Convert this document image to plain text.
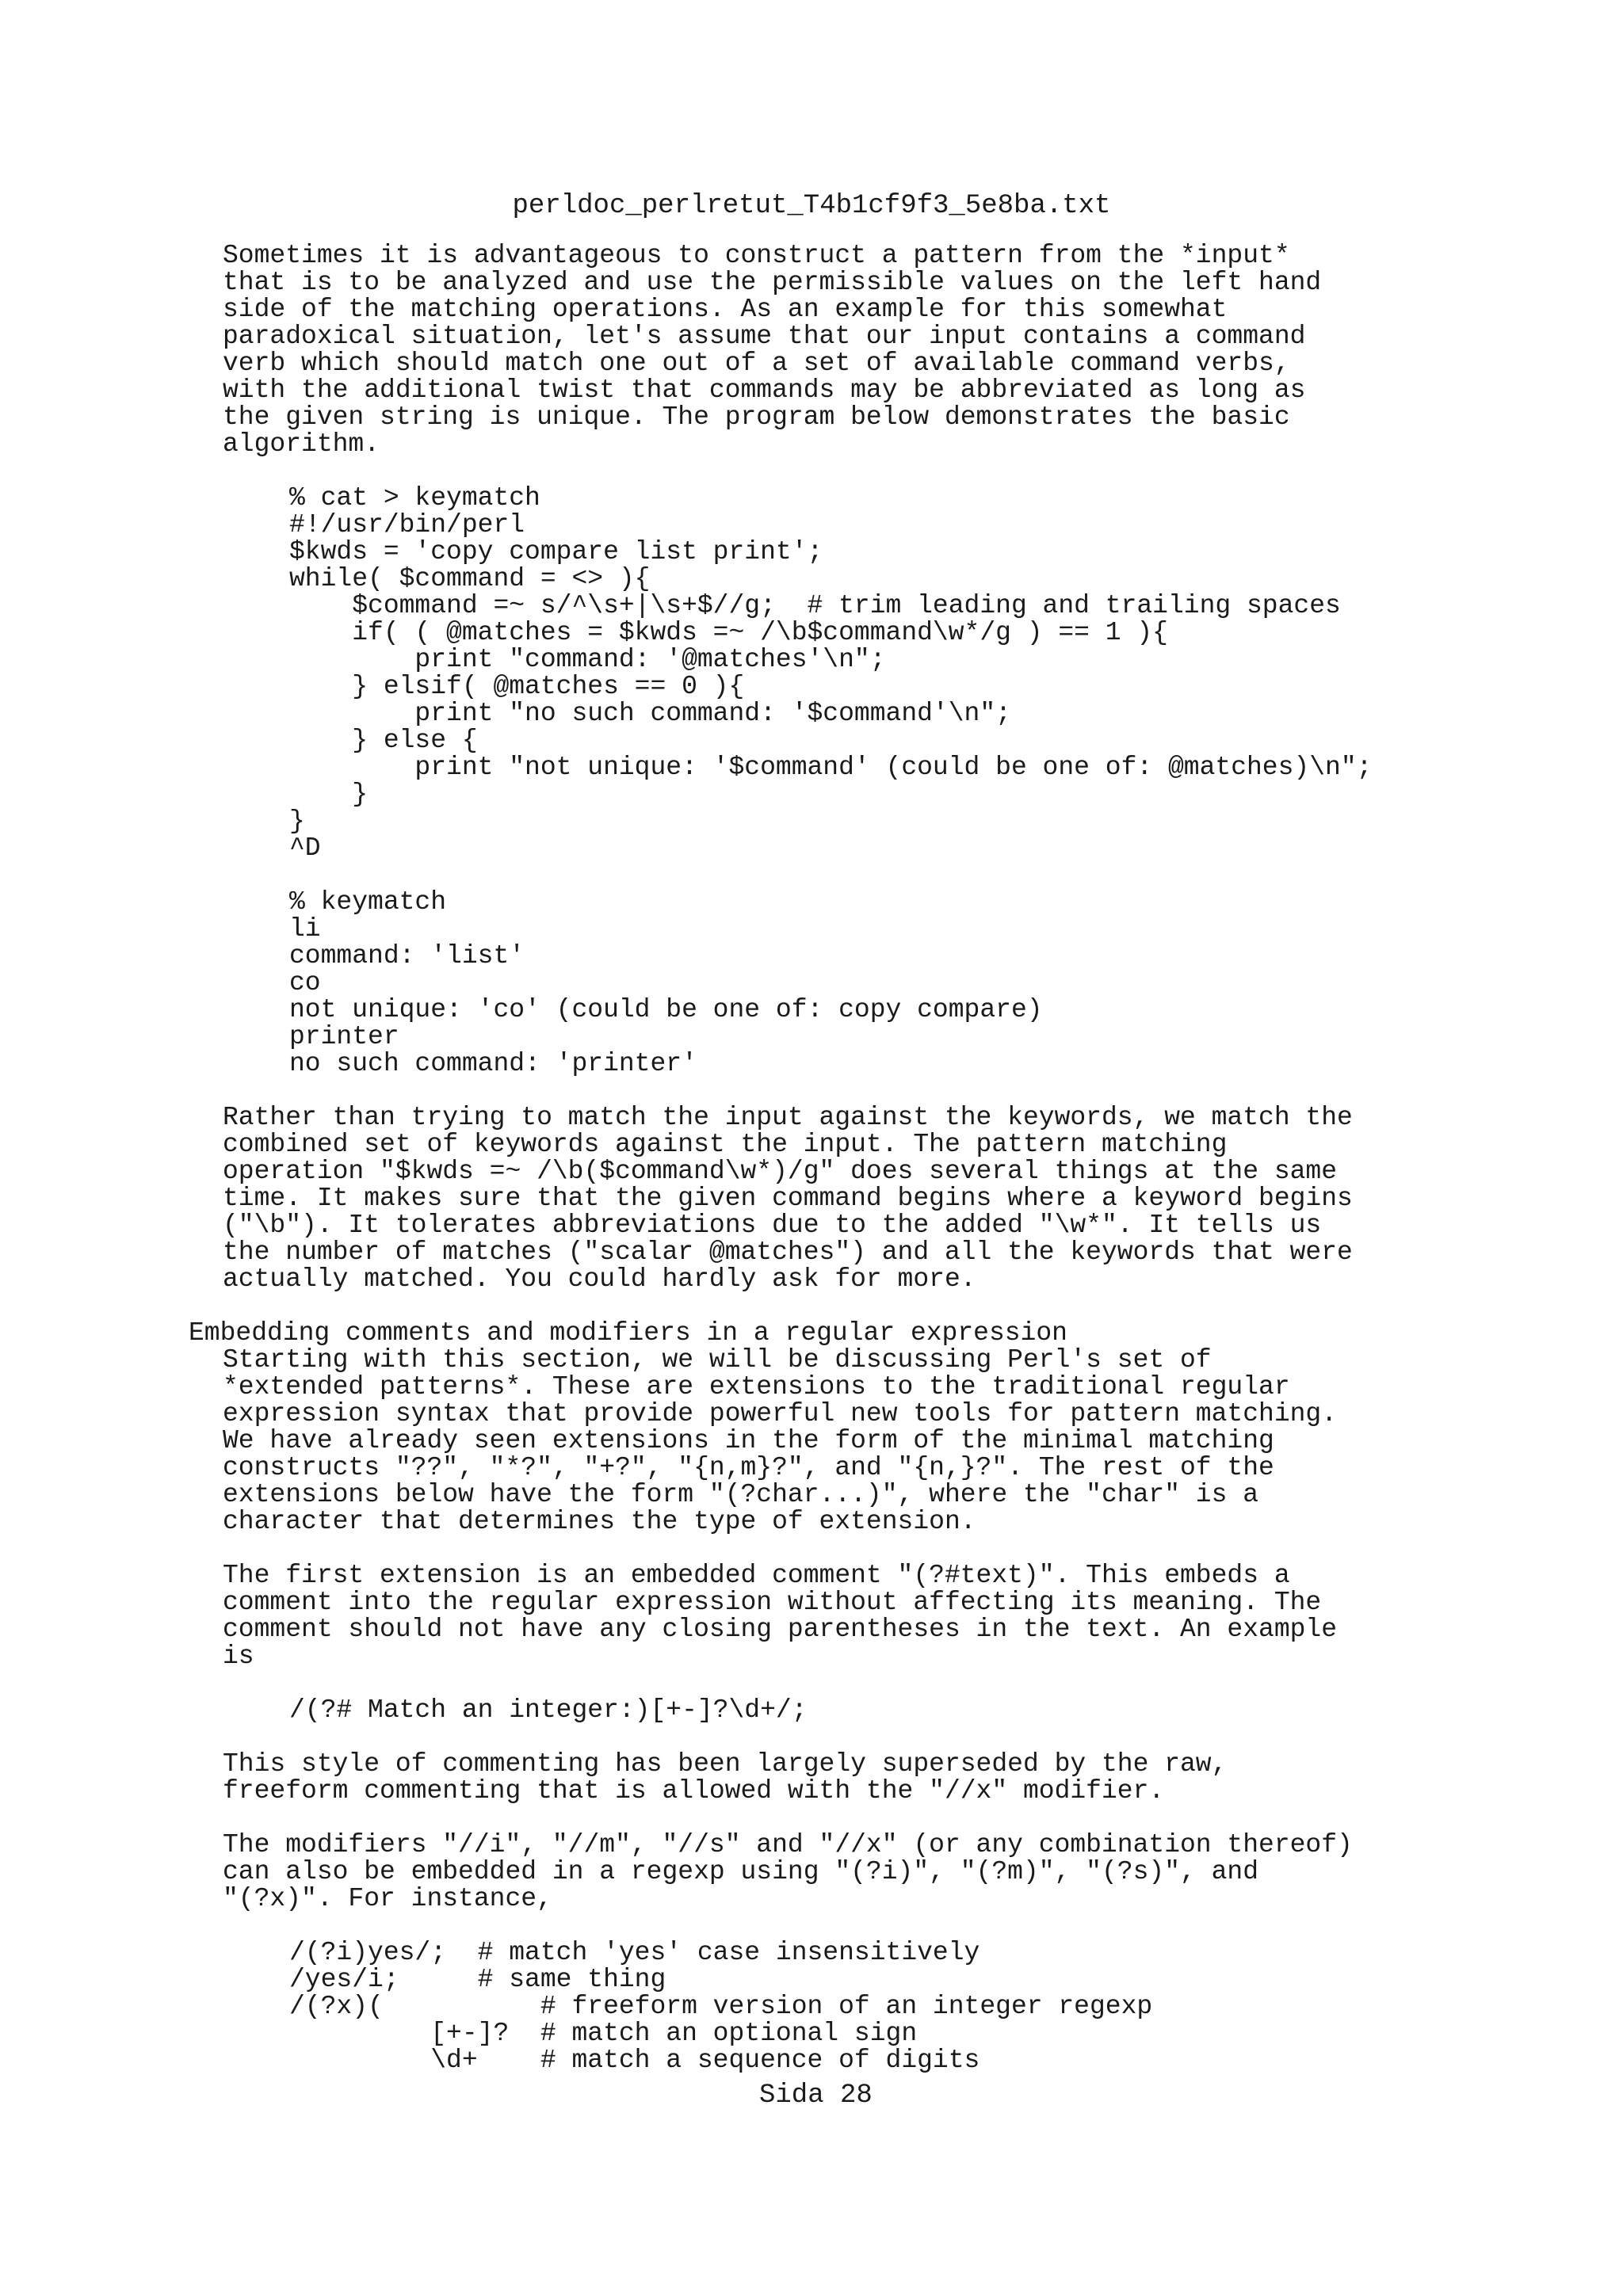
perldoc_perlretut_T4b1cf9f3_5e8ba.txt

Sometimes it is advantageous to construct a pattern from the *input*
that is to be analyzed and use the permissible values on the left hand
side of the matching operations. As an example for this somewhat
paradoxical situation, let's assume that our input contains a command
verb which should match one out of a set of available command verbs,
with the additional twist that commands may be abbreviated as long as
the given string is unique. The program below demonstrates the basic
algorithm.

% cat > keymatch
#!/usr/bin/perl
$kwds = 'copy compare list print';
while( $command = <> ){
$command =~ s/^\s+|\s+$//g;  # trim leading and trailing spaces
if( ( @matches = $kwds =~ /\b$command\w*/g ) == 1 ){
print "command: '@matches'\n";
} elsif( @matches == 0 ){
print "no such command: '$command'\n";
} else {
print "not unique: '$command' (could be one of: @matches)\n";
}
}
^D

% keymatch
li
command: 'list'
co
not unique: 'co' (could be one of: copy compare)
printer
no such command: 'printer'

Rather than trying to match the input against the keywords, we match the
combined set of keywords against the input. The pattern matching
operation "$kwds =~ /\b($command\w*)/g" does several things at the same
time. It makes sure that the given command begins where a keyword begins
("\b"). It tolerates abbreviations due to the added "\w*". It tells us
the number of matches ("scalar @matches") and all the keywords that were
actually matched. You could hardly ask for more.

Embedding comments and modifiers in a regular expression

Starting with this section, we will be discussing Perl's set of
*extended patterns*. These are extensions to the traditional regular
expression syntax that provide powerful new tools for pattern matching.
We have already seen extensions in the form of the minimal matching
constructs "??", "*?", "+?", "{n,m}?", and "{n,}?". The rest of the
extensions below have the form "(?char...)", where the "char" is a
character that determines the type of extension.

The first extension is an embedded comment "(?#text)". This embeds a
comment into the regular expression without affecting its meaning. The
comment should not have any closing parentheses in the text. An example
is

/(?# Match an integer:)[+-]?\d+/;

This style of commenting has been largely superseded by the raw,
freeform commenting that is allowed with the "//x" modifier.

The modifiers "//i", "//m", "//s" and "//x" (or any combination thereof)
can also be embedded in a regexp using "(?i)", "(?m)", "(?s)", and
"(?x)". For instance,

/(?i)yes/;  # match 'yes' case insensitively
/yes/i;     # same thing
/(?x)(          # freeform version of an integer regexp
[+-]?  # match an optional sign
\d+    # match a sequence of digits

Sida 28
